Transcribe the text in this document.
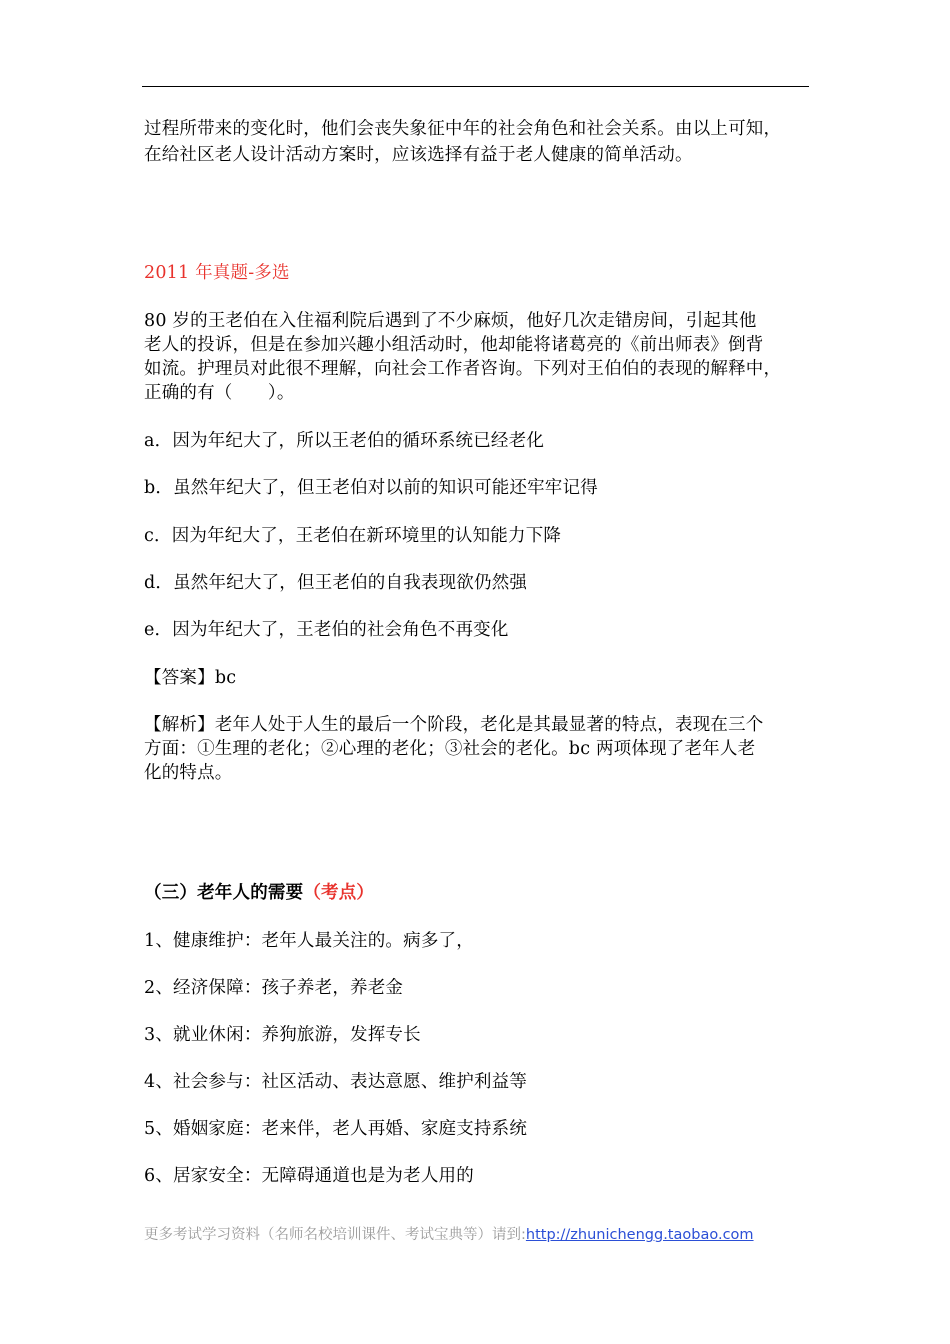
过程所带来的变化时，他们会丧失象征中年的社会角色和社会关系。由以上可知，

在给社区老人设计活动方案时，应该选择有益于老人健康的简单活动。

2011 年真题-多选

80 岁的王老伯在入住福利院后遇到了不少麻烦，他好几次走错房间，引起其他

老人的投诉，但是在参加兴趣小组活动时，他却能将诸葛亮的《前出师表》倒背

如流。护理员对此很不理解，向社会工作者咨询。下列对王伯伯的表现的解释中，

正确的有（　　）。

a．因为年纪大了，所以王老伯的循环系统已经老化

b．虽然年纪大了，但王老伯对以前的知识可能还牢牢记得

c．因为年纪大了，王老伯在新环境里的认知能力下降

d．虽然年纪大了，但王老伯的自我表现欲仍然强

e．因为年纪大了，王老伯的社会角色不再变化

【答案】bc

【解析】老年人处于人生的最后一个阶段，老化是其最显著的特点，表现在三个

方面：①生理的老化；②心理的老化；③社会的老化。bc 两项体现了老年人老

化的特点。

（三）老年人的需要（考点）

1、健康维护：老年人最关注的。病多了，

2、经济保障：孩子养老，养老金

3、就业休闲：养狗旅游，发挥专长

4、社会参与：社区活动、表达意愿、维护利益等

5、婚姻家庭：老来伴，老人再婚、家庭支持系统

6、居家安全：无障碍通道也是为老人用的

更多考试学习资料（名师名校培训课件、考试宝典等）请到:http://zhunichengg.taobao.com
